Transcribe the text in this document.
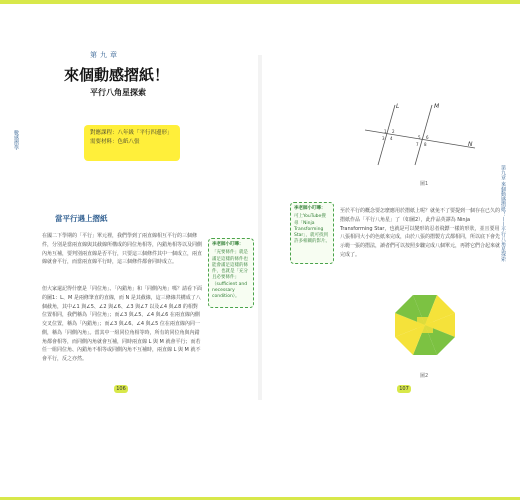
數感摺學
第九章
來個動感摺紙！
平行八角星探索
對應課程：八年級「平行四邊形」
需要材料：色紙八張
當平行遇上摺紙
在國二下學期的「平行」單元裡，我們學到了兩直線相互平行的三個條件，分別是當兩直線與其截線所構成的同位角相等，內錯角相等以及同側內角互補，要判別兩直線是否平行，只要這三個條件其中一個成立，兩直線就會平行，而當兩直線平行時，這三個條件都會同時成立。
但大家還記得什麼是「同位角」、「內錯角」和「同側內角」嗎？請看下面的圖1：L、M 是兩條筆直的直線，而 N 是其截線，這三條線共構成了八個截角，其中∠1 與∠5、∠2 與∠6、∠3 與∠7 以及∠4 與∠8 的相對位置相同，我們稱為「同位角」；而∠3 與∠5、∠4 與∠6 在兩直線內側交叉位置，稱為「內錯角」；而∠3 與∠6、∠4 與∠5 位在兩直線內同一側，稱為「同側內角」。當其中一組同位角相等時，所有的同位角與內錯角都會相等，而同側內角就會互補，同時兩直線 L 與 M 就會平行；而若任一組同位角、內錯角不相等或同側內角不互補時，兩直線 L 與 M 就不會平行，反之亦然。
李老師小叮嚀：
「充要條件」就是滿足這樣的條件也能會滿足這樣的條件，也就是「充分且必要條件」（sufficient and necessary condition）。
106
L	M
N
1 2
3 4	5 6
7 8
圖1
李老師小叮嚀：
可上YouTube搜尋「Ninja Transforming Star」，就可找到許多相關的影片。
至於平行的概念要怎麼應用於摺紙上呢？就免不了要提到一個存在已久的摺紙作品「平行八角星」了（如圖2），此作品英譯為 Ninja Transforming Star，也就是可以變形的忍者飛鏢一樣的形狀，並且要用八張相同大小的色紙來完成，由於八張的摺製方式都相同，所以底下會先示範一張的摺法，讀者們可以按照步驟完成八個單元，再將它們合起來就完成了。
圖2
第九章 來個動感摺紙！——平行八角星探索
107
